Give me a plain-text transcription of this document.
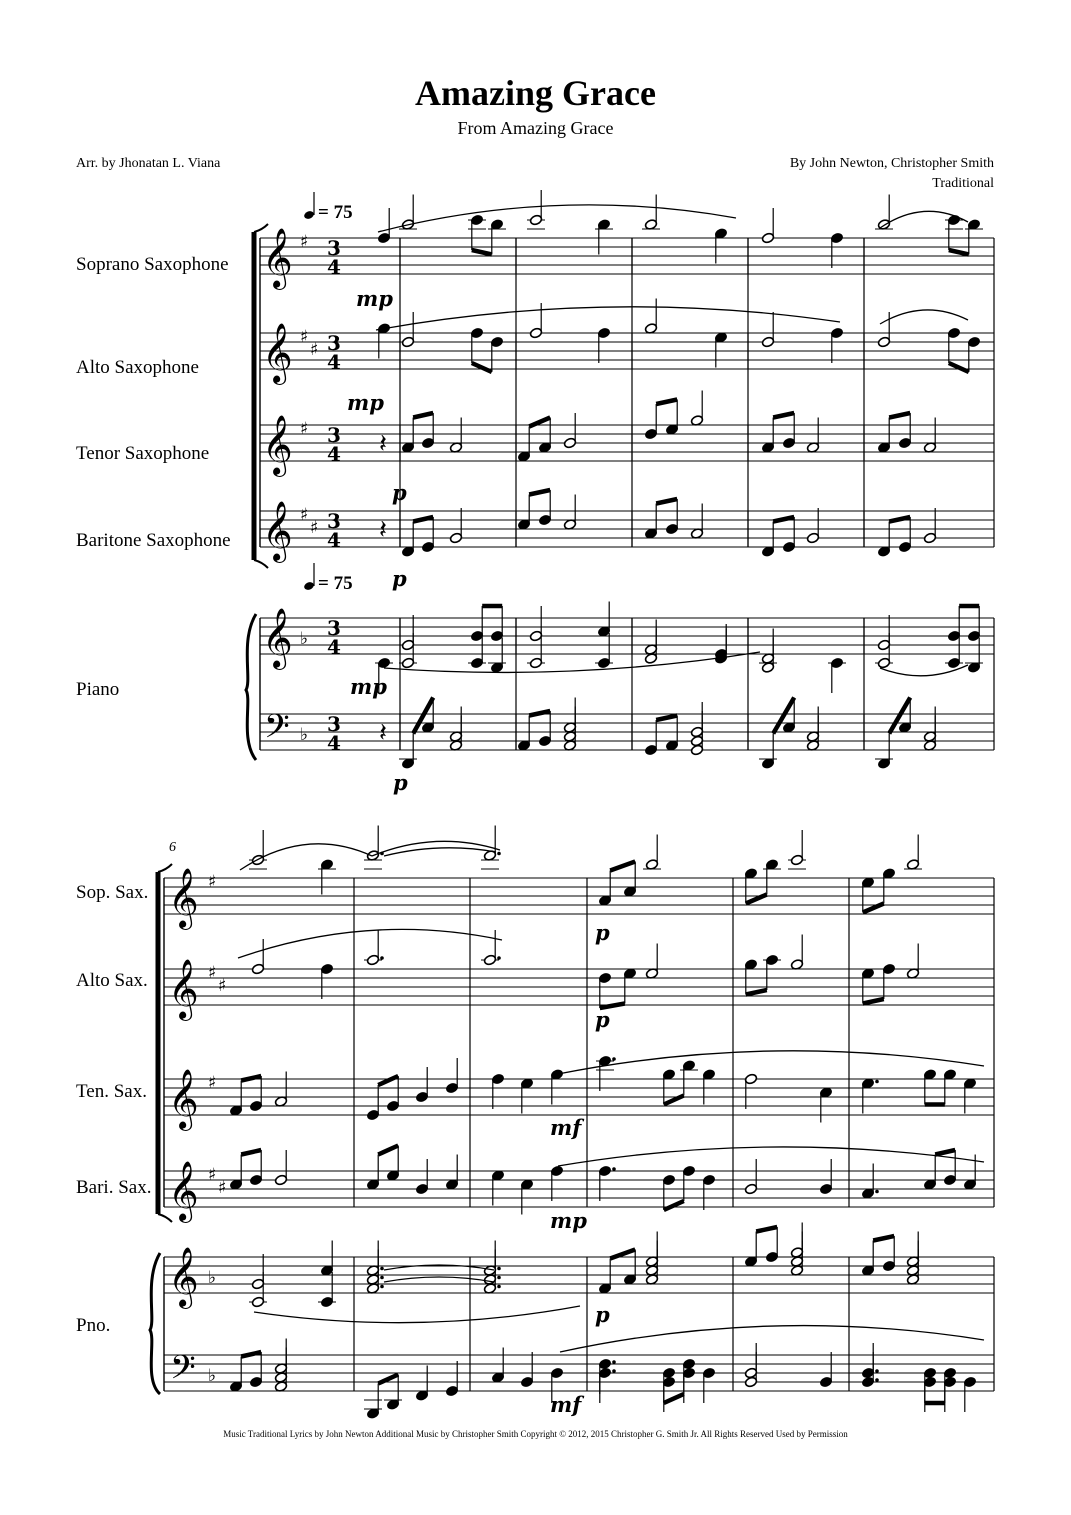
Amazing Grace
From Amazing Grace
Arr. by Jhonatan L. Viana	By John Newton, Christopher Smith
Traditional
Soprano Saxophone
Alto Saxophone
Tenor Saxophone
Baritone Saxophone
Piano
= 75
= 75
𝄞 ♯ 3
4
𝄞 ♯
♯ 3
4
𝄞 ♯ 3
4
𝄞 ♯
♯ 3
4
𝄞 ♭ 3
4
𝄢 ♭ 3
4
mp
mp
𝄽
p
𝄽
p
mp
𝄽
p
Sop. Sax.
Alto Sax.
Ten. Sax.
Bari. Sax.
Pno.
6
𝄞 ♯
𝄞 ♯
♯
𝄞 ♯
𝄞 ♯
♯
𝄞 ♭
𝄢 ♭
p
p
mf
mp
p
mf
Music Traditional Lyrics by John Newton Additional Music by Christopher Smith Copyright © 2012, 2015 Christopher G. Smith Jr. All Rights Reserved Used by Permission
